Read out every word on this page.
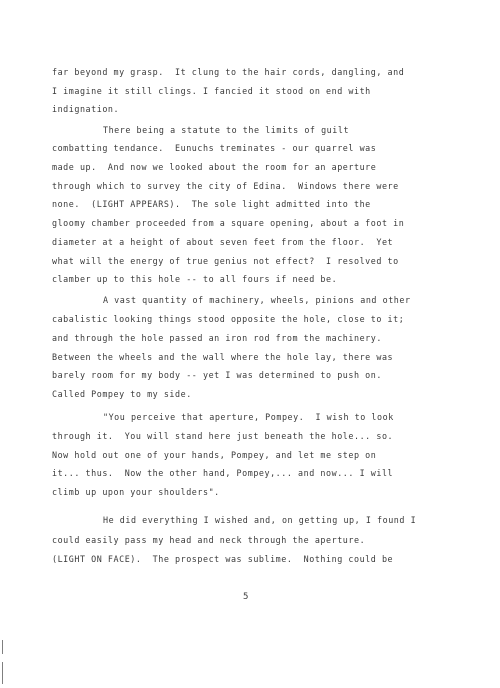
far beyond my grasp.  It clung to the hair cords, dangling, and
I imagine it still clings. I fancied it stood on end with
indignation.
There being a statute to the limits of guilt
combatting tendance.  Eunuchs treminates - our quarrel was
made up.  And now we looked about the room for an aperture
through which to survey the city of Edina.  Windows there were
none.  (LIGHT APPEARS).  The sole light admitted into the
gloomy chamber proceeded from a square opening, about a foot in
diameter at a height of about seven feet from the floor.  Yet
what will the energy of true genius not effect?  I resolved to
clamber up to this hole -- to all fours if need be.
A vast quantity of machinery, wheels, pinions and other
cabalistic looking things stood opposite the hole, close to it;
and through the hole passed an iron rod from the machinery.
Between the wheels and the wall where the hole lay, there was
barely room for my body -- yet I was determined to push on.
Called Pompey to my side.
"You perceive that aperture, Pompey.  I wish to look
through it.  You will stand here just beneath the hole... so.
Now hold out one of your hands, Pompey, and let me step on
it... thus.  Now the other hand, Pompey,... and now... I will
climb up upon your shoulders".
He did everything I wished and, on getting up, I found I
could easily pass my head and neck through the aperture.
(LIGHT ON FACE).  The prospect was sublime.  Nothing could be
5
